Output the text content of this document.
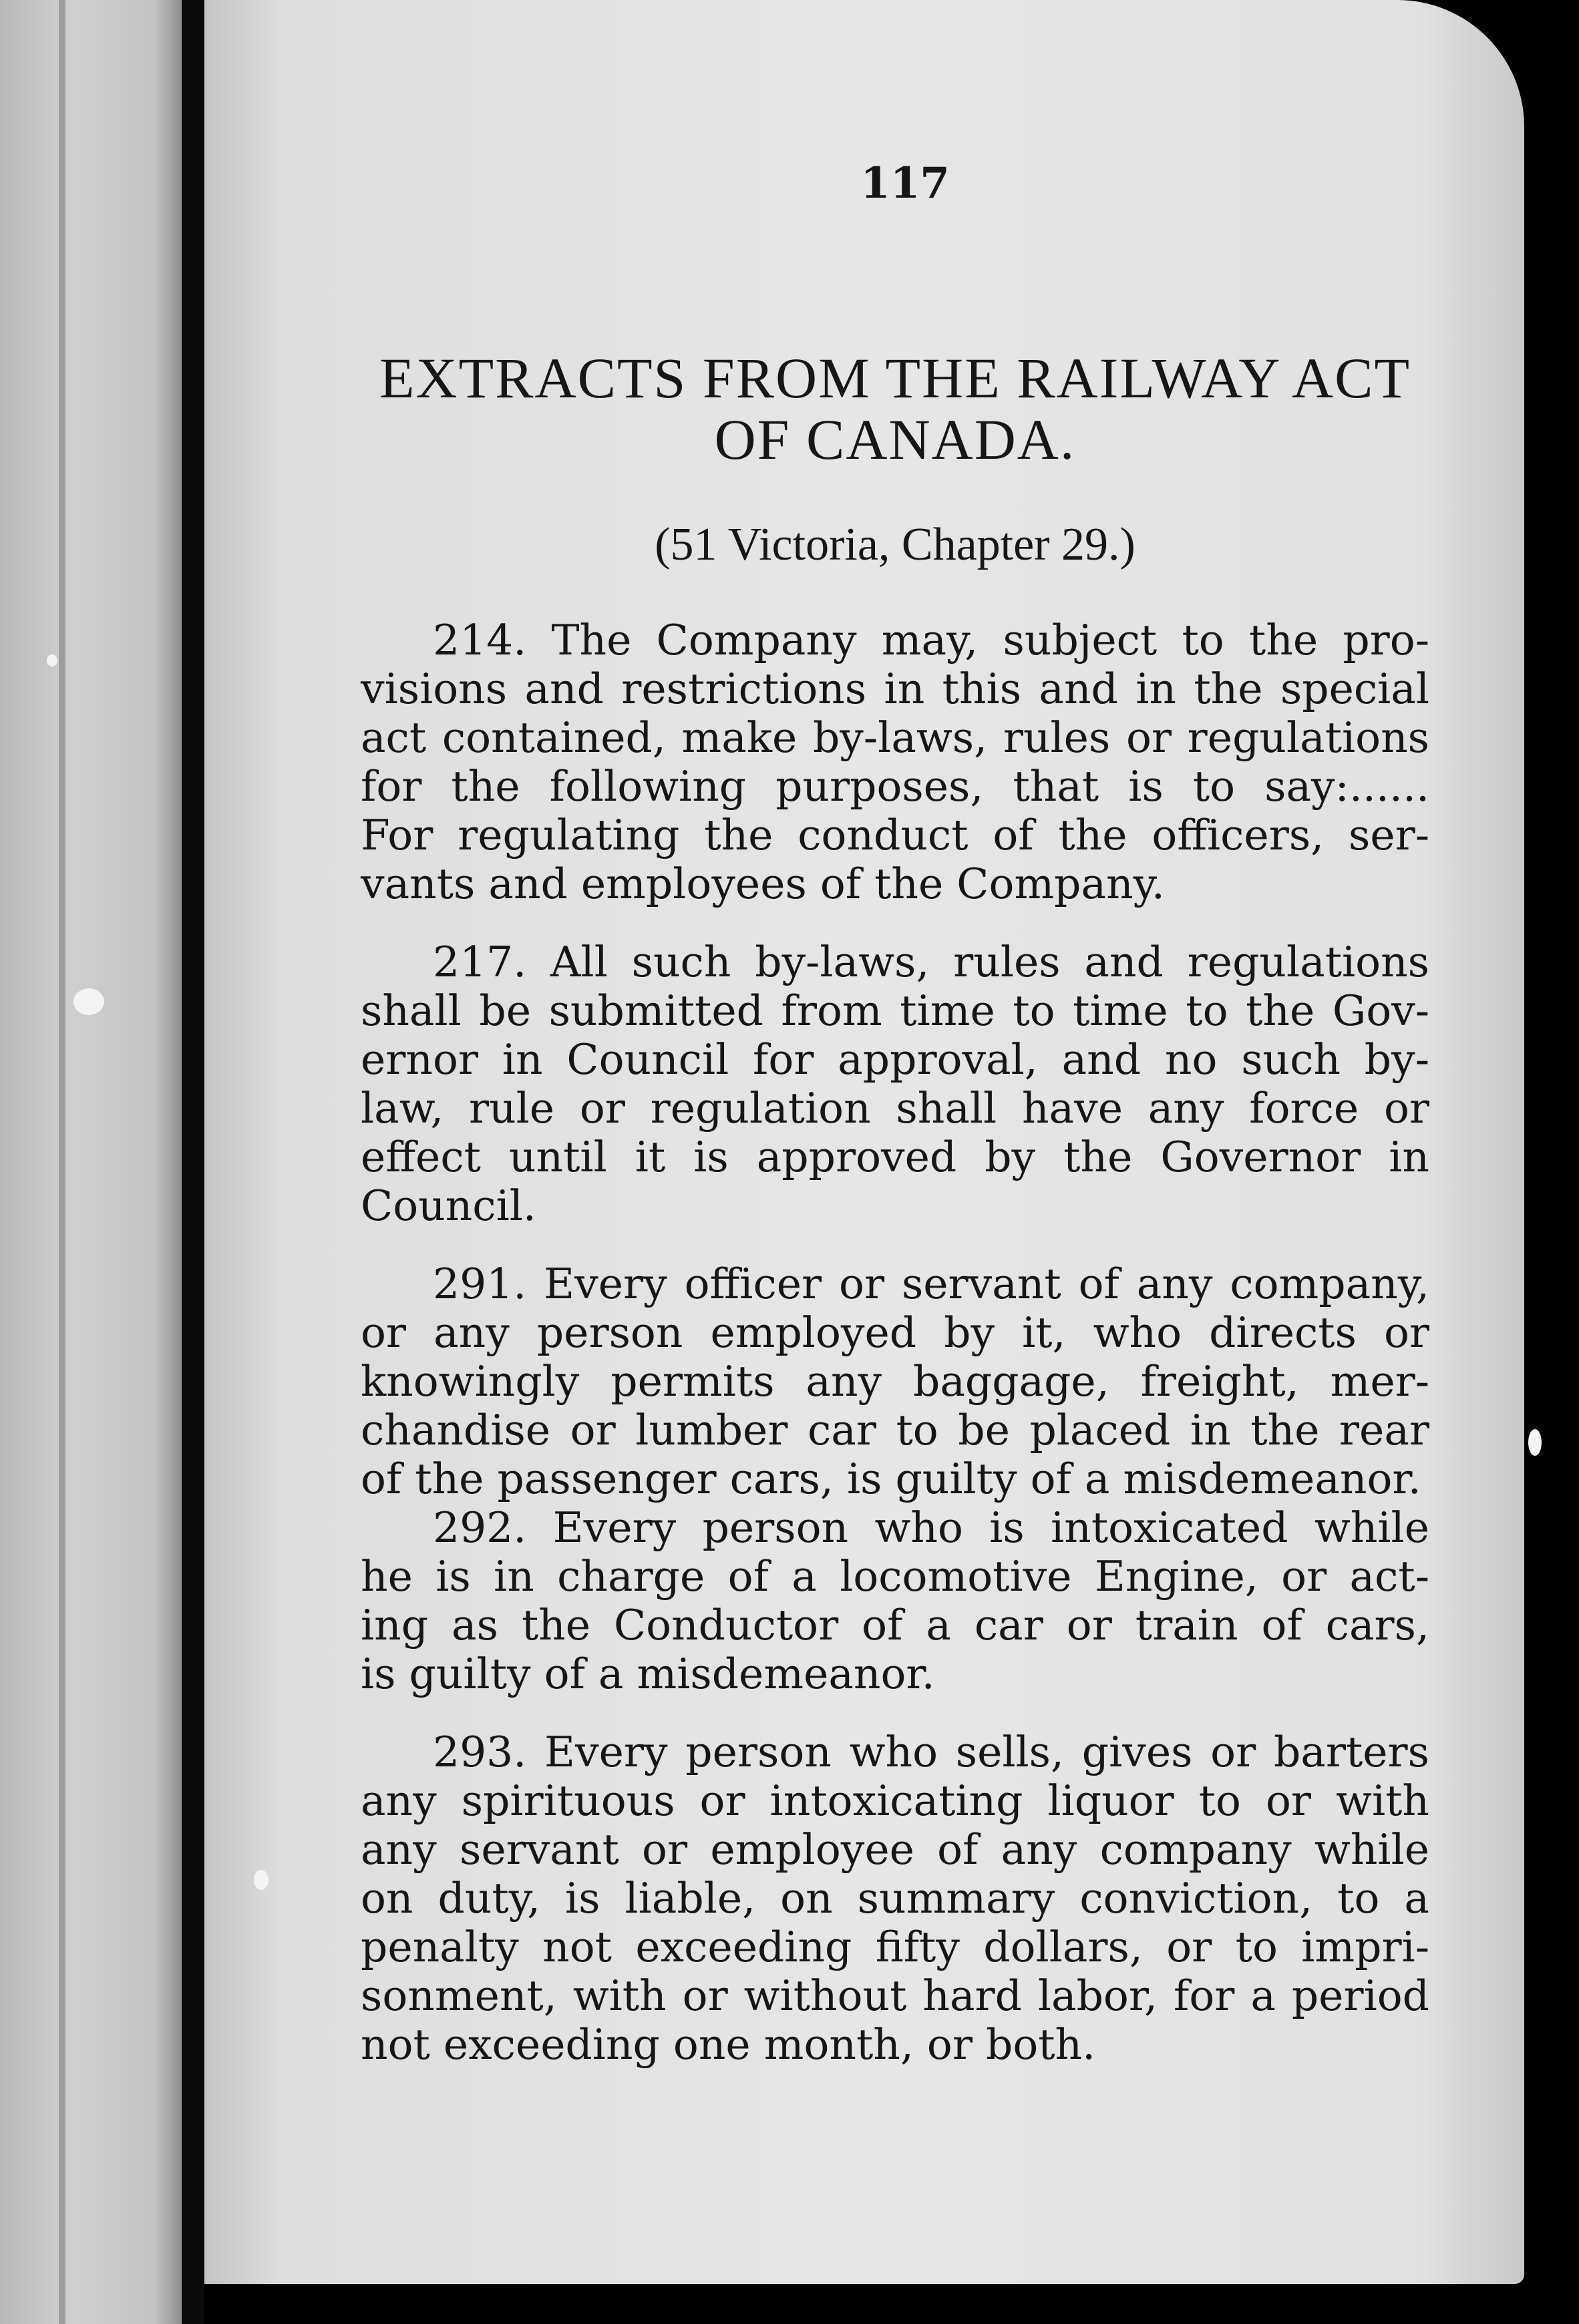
117
EXTRACTS FROM THE RAILWAY ACT
OF CANADA.
(51 Victoria, Chapter 29.)
214. The Company may, subject to the pro-
visions and restrictions in this and in the special
act contained, make by-laws, rules or regulations
for the following purposes, that is to say:......
For regulating the conduct of the officers, ser-
vants and employees of the Company.
217. All such by-laws, rules and regulations
shall be submitted from time to time to the Gov-
ernor in Council for approval, and no such by-
law, rule or regulation shall have any force or
effect until it is approved by the Governor in
Council.
291. Every officer or servant of any company,
or any person employed by it, who directs or
knowingly permits any baggage, freight, mer-
chandise or lumber car to be placed in the rear
of the passenger cars, is guilty of a misdemeanor.
292. Every person who is intoxicated while
he is in charge of a locomotive Engine, or act-
ing as the Conductor of a car or train of cars,
is guilty of a misdemeanor.
293. Every person who sells, gives or barters
any spirituous or intoxicating liquor to or with
any servant or employee of any company while
on duty, is liable, on summary conviction, to a
penalty not exceeding fifty dollars, or to impri-
sonment, with or without hard labor, for a period
not exceeding one month, or both.
